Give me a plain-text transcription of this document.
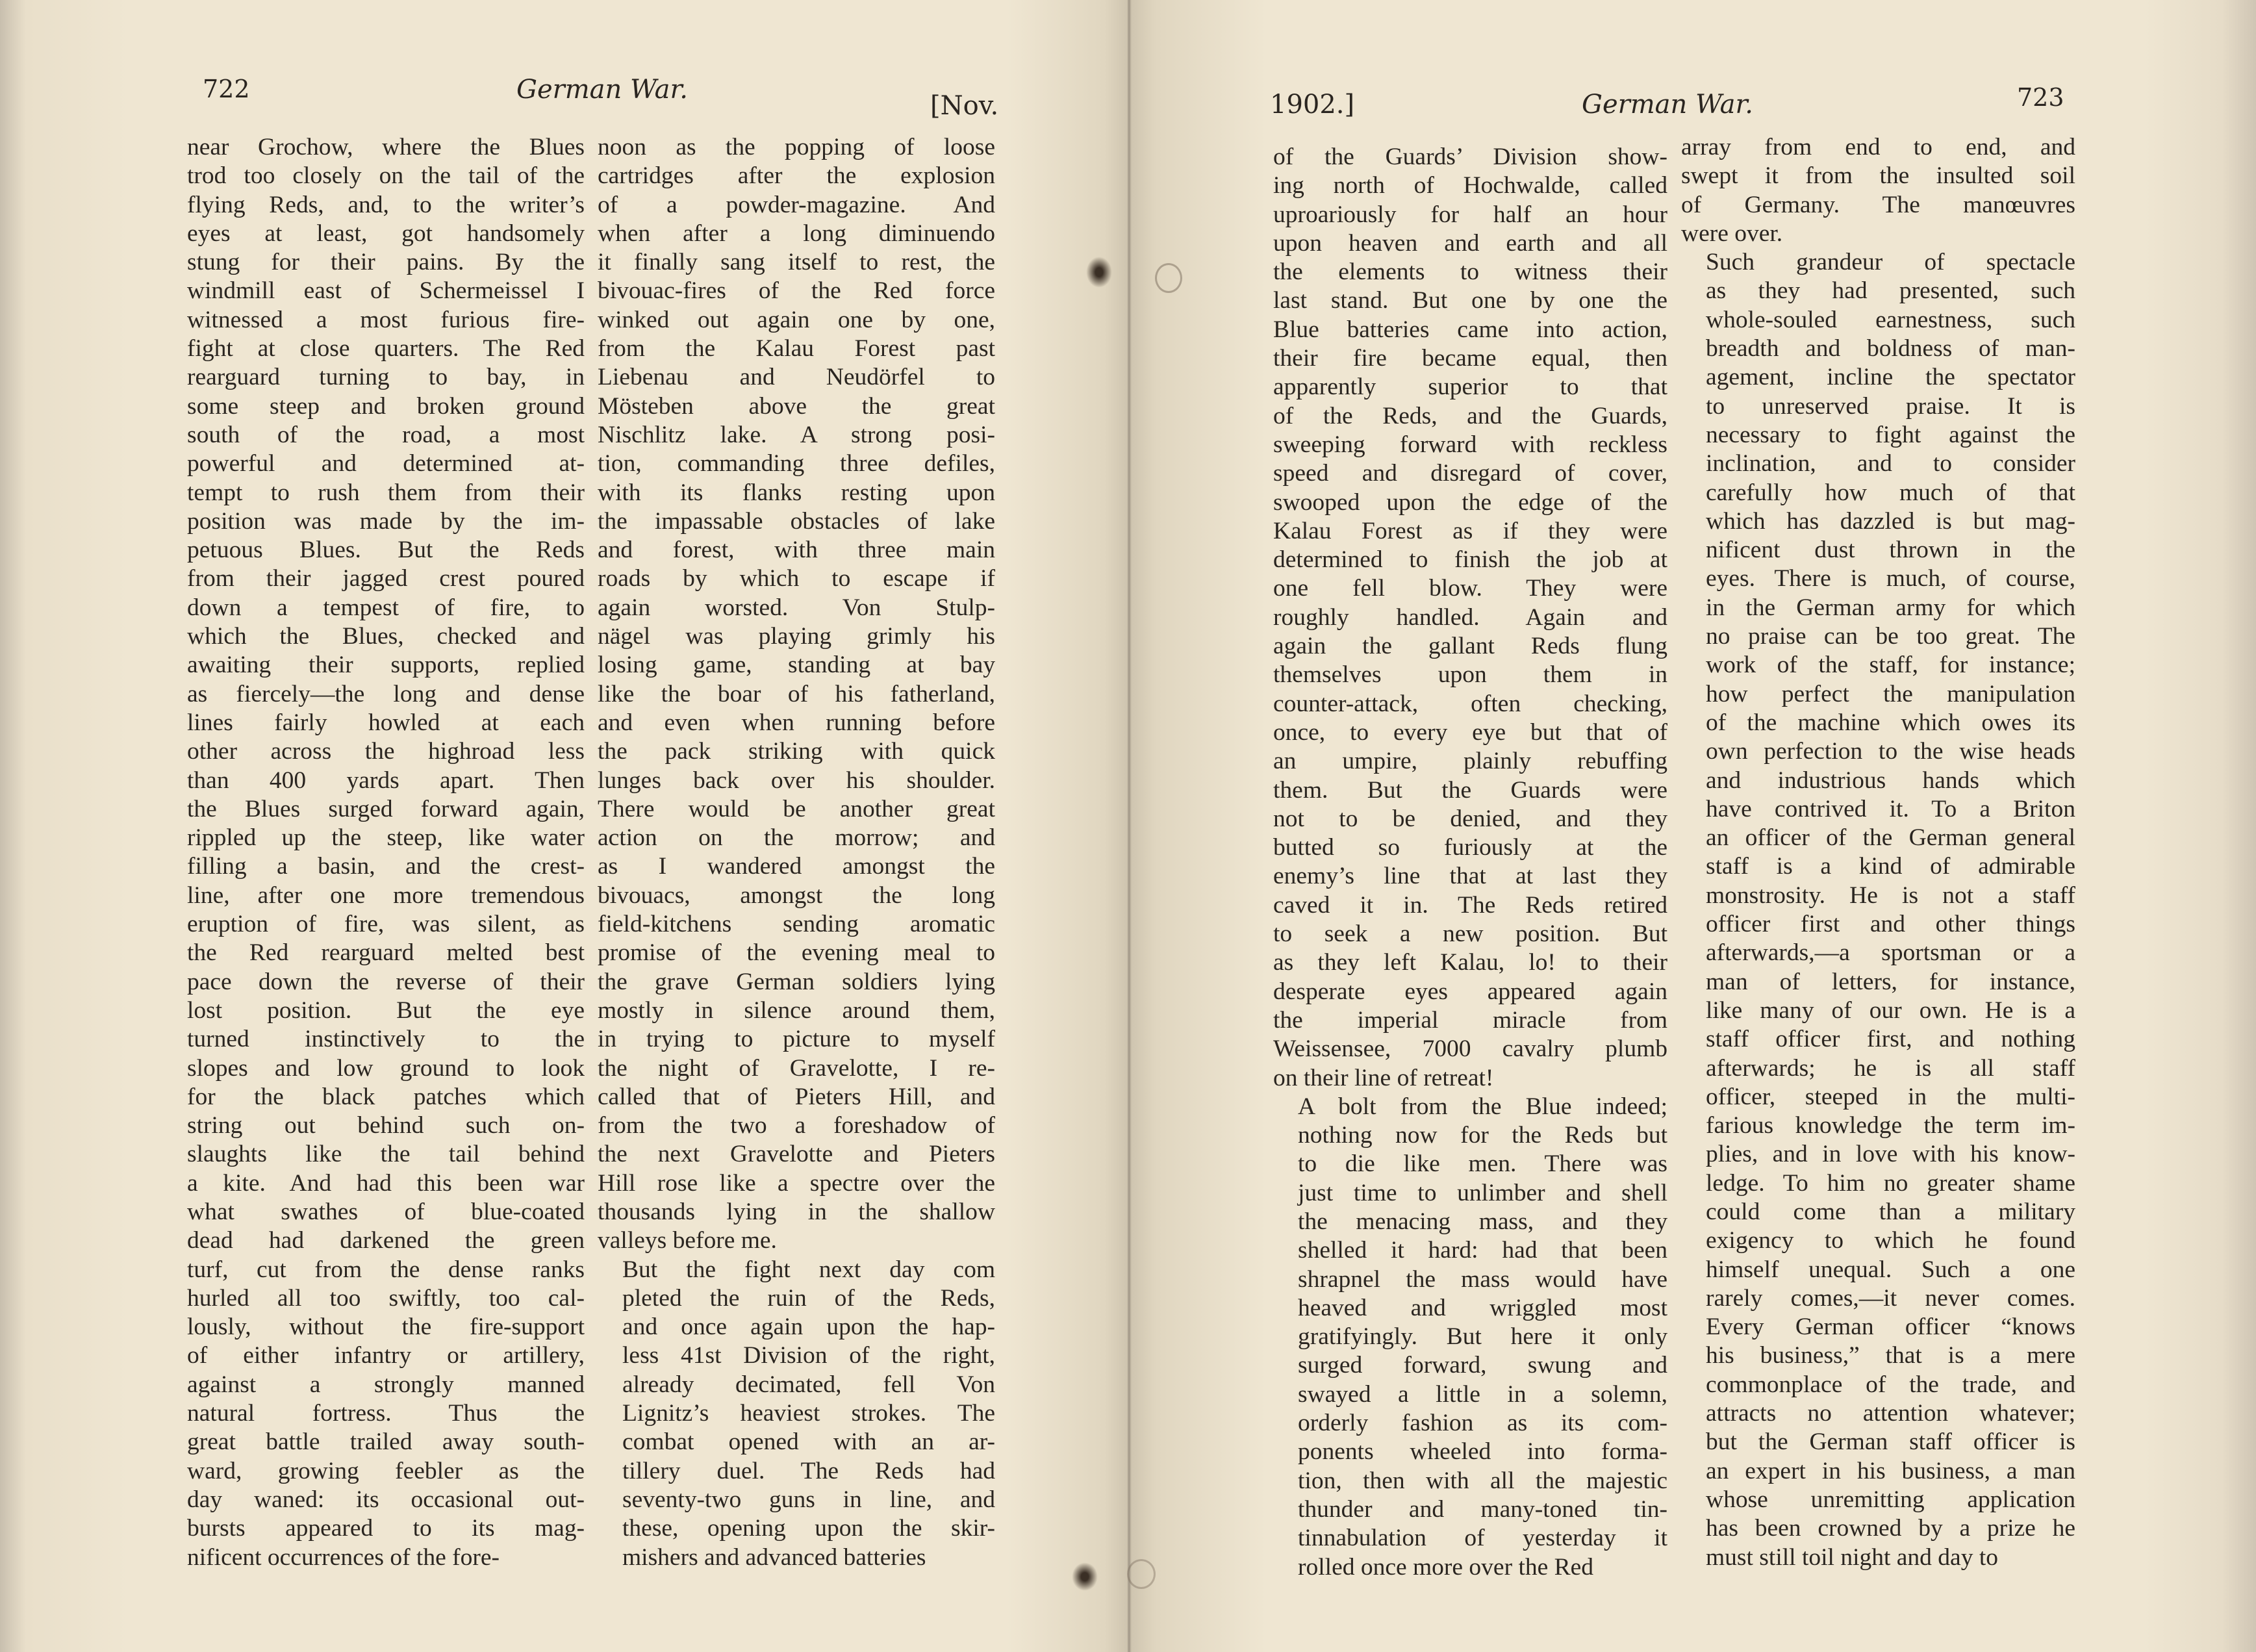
722	German War.
[Nov.

near Grochow, where the Blues
trod too closely on the tail of the
flying Reds, and, to the writer’s
eyes at least, got handsomely
stung for their pains. By the
windmill east of Schermeissel I
witnessed a most furious fire-
fight at close quarters. The Red
rearguard turning to bay, in
some steep and broken ground
south of the road, a most
powerful and determined at-
tempt to rush them from their
position was made by the im-
petuous Blues. But the Reds
from their jagged crest poured
down a tempest of fire, to
which the Blues, checked and
awaiting their supports, replied
as fiercely—the long and dense
lines fairly howled at each
other across the highroad less
than 400 yards apart. Then
the Blues surged forward again,
rippled up the steep, like water
filling a basin, and the crest-
line, after one more tremendous
eruption of fire, was silent, as
the Red rearguard melted best
pace down the reverse of their
lost position. But the eye
turned instinctively to the
slopes and low ground to look
for the black patches which
string out behind such on-
slaughts like the tail behind
a kite. And had this been war
what swathes of blue-coated
dead had darkened the green
turf, cut from the dense ranks
hurled all too swiftly, too cal-
lously, without the fire-support
of either infantry or artillery,
against a strongly manned
natural fortress. Thus the
great battle trailed away south-
ward, growing feebler as the
day waned: its occasional out-
bursts appeared to its mag-
nificent occurrences of the fore-

noon as the popping of loose
cartridges after the explosion
of a powder-magazine. And
when after a long diminuendo
it finally sang itself to rest, the
bivouac-fires of the Red force
winked out again one by one,
from the Kalau Forest past
Liebenau and Neudörfel to
Mösteben above the great
Nischlitz lake. A strong posi-
tion, commanding three defiles,
with its flanks resting upon
the impassable obstacles of lake
and forest, with three main
roads by which to escape if
again worsted. Von Stulp-
nägel was playing grimly his
losing game, standing at bay
like the boar of his fatherland,
and even when running before
the pack striking with quick
lunges back over his shoulder.
There would be another great
action on the morrow; and
as I wandered amongst the
bivouacs, amongst the long
field-kitchens sending aromatic
promise of the evening meal to
the grave German soldiers lying
mostly in silence around them,
in trying to picture to myself
the night of Gravelotte, I re-
called that of Pieters Hill, and
from the two a foreshadow of
the next Gravelotte and Pieters
Hill rose like a spectre over the
thousands lying in the shallow
valleys before me.

But the fight next day com
pleted the ruin of the Reds,
and once again upon the hap-
less 41st Division of the right,
already decimated, fell Von
Lignitz’s heaviest strokes. The
combat opened with an ar-
tillery duel. The Reds had
seventy-two guns in line, and
these, opening upon the skir-
mishers and advanced batteries

1902.]	German War.	723

of the Guards’ Division show-
ing north of Hochwalde, called
uproariously for half an hour
upon heaven and earth and all
the elements to witness their
last stand. But one by one the
Blue batteries came into action,
their fire became equal, then
apparently superior to that
of the Reds, and the Guards,
sweeping forward with reckless
speed and disregard of cover,
swooped upon the edge of the
Kalau Forest as if they were
determined to finish the job at
one fell blow. They were
roughly handled. Again and
again the gallant Reds flung
themselves upon them in
counter-attack, often checking,
once, to every eye but that of
an umpire, plainly rebuffing
them. But the Guards were
not to be denied, and they
butted so furiously at the
enemy’s line that at last they
caved it in. The Reds retired
to seek a new position. But
as they left Kalau, lo! to their
desperate eyes appeared again
the imperial miracle from
Weissensee, 7000 cavalry plumb
on their line of retreat!

A bolt from the Blue indeed;
nothing now for the Reds but
to die like men. There was
just time to unlimber and shell
the menacing mass, and they
shelled it hard: had that been
shrapnel the mass would have
heaved and wriggled most
gratifyingly. But here it only
surged forward, swung and
swayed a little in a solemn,
orderly fashion as its com-
ponents wheeled into forma-
tion, then with all the majestic
thunder and many-toned tin-
tinnabulation of yesterday it
rolled once more over the Red

array from end to end, and
swept it from the insulted soil
of Germany. The manœuvres
were over.

Such grandeur of spectacle
as they had presented, such
whole-souled earnestness, such
breadth and boldness of man-
agement, incline the spectator
to unreserved praise. It is
necessary to fight against the
inclination, and to consider
carefully how much of that
which has dazzled is but mag-
nificent dust thrown in the
eyes. There is much, of course,
in the German army for which
no praise can be too great. The
work of the staff, for instance;
how perfect the manipulation
of the machine which owes its
own perfection to the wise heads
and industrious hands which
have contrived it. To a Briton
an officer of the German general
staff is a kind of admirable
monstrosity. He is not a staff
officer first and other things
afterwards,—a sportsman or a
man of letters, for instance,
like many of our own. He is a
staff officer first, and nothing
afterwards; he is all staff
officer, steeped in the multi-
farious knowledge the term im-
plies, and in love with his know-
ledge. To him no greater shame
could come than a military
exigency to which he found
himself unequal. Such a one
rarely comes,—it never comes.
Every German officer “knows
his business,” that is a mere
commonplace of the trade, and
attracts no attention whatever;
but the German staff officer is
an expert in his business, a man
whose unremitting application
has been crowned by a prize he
must still toil night and day to
